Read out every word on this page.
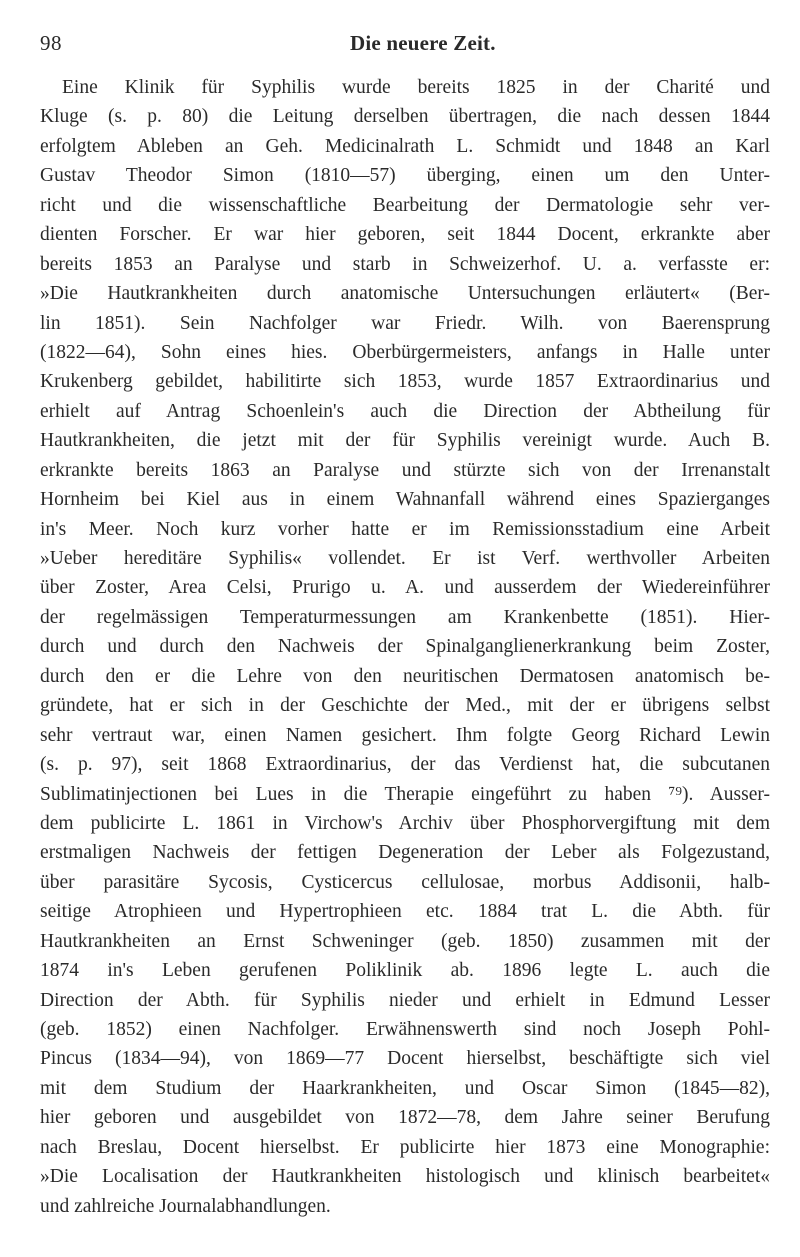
98	Die neuere Zeit.
Eine Klinik für Syphilis wurde bereits 1825 in der Charité und
Kluge (s. p. 80) die Leitung derselben übertragen, die nach dessen 1844
erfolgtem Ableben an Geh. Medicinalrath L. Schmidt und 1848 an Karl
Gustav Theodor Simon (1810—57) überging, einen um den Unter-
richt und die wissenschaftliche Bearbeitung der Dermatologie sehr ver-
dienten Forscher. Er war hier geboren, seit 1844 Docent, erkrankte aber
bereits 1853 an Paralyse und starb in Schweizerhof. U. a. verfasste er:
»Die Hautkrankheiten durch anatomische Untersuchungen erläutert« (Ber-
lin 1851). Sein Nachfolger war Friedr. Wilh. von Baerensprung
(1822—64), Sohn eines hies. Oberbürgermeisters, anfangs in Halle unter
Krukenberg gebildet, habilitirte sich 1853, wurde 1857 Extraordinarius und
erhielt auf Antrag Schoenlein's auch die Direction der Abtheilung für
Hautkrankheiten, die jetzt mit der für Syphilis vereinigt wurde. Auch B.
erkrankte bereits 1863 an Paralyse und stürzte sich von der Irrenanstalt
Hornheim bei Kiel aus in einem Wahnanfall während eines Spazierganges
in's Meer. Noch kurz vorher hatte er im Remissionsstadium eine Arbeit
»Ueber hereditäre Syphilis« vollendet. Er ist Verf. werthvoller Arbeiten
über Zoster, Area Celsi, Prurigo u. A. und ausserdem der Wiedereinführer
der regelmässigen Temperaturmessungen am Krankenbette (1851). Hier-
durch und durch den Nachweis der Spinalganglienerkrankung beim Zoster,
durch den er die Lehre von den neuritischen Dermatosen anatomisch be-
gründete, hat er sich in der Geschichte der Med., mit der er übrigens selbst
sehr vertraut war, einen Namen gesichert. Ihm folgte Georg Richard Lewin
(s. p. 97), seit 1868 Extraordinarius, der das Verdienst hat, die subcutanen
Sublimatinjectionen bei Lues in die Therapie eingeführt zu haben ⁷⁹). Ausser-
dem publicirte L. 1861 in Virchow's Archiv über Phosphorvergiftung mit dem
erstmaligen Nachweis der fettigen Degeneration der Leber als Folgezustand,
über parasitäre Sycosis, Cysticercus cellulosae, morbus Addisonii, halb-
seitige Atrophieen und Hypertrophieen etc. 1884 trat L. die Abth. für
Hautkrankheiten an Ernst Schweninger (geb. 1850) zusammen mit der
1874 in's Leben gerufenen Poliklinik ab. 1896 legte L. auch die
Direction der Abth. für Syphilis nieder und erhielt in Edmund Lesser
(geb. 1852) einen Nachfolger. Erwähnenswerth sind noch Joseph Pohl-
Pincus (1834—94), von 1869—77 Docent hierselbst, beschäftigte sich viel
mit dem Studium der Haarkrankheiten, und Oscar Simon (1845—82),
hier geboren und ausgebildet von 1872—78, dem Jahre seiner Berufung
nach Breslau, Docent hierselbst. Er publicirte hier 1873 eine Monographie:
»Die Localisation der Hautkrankheiten histologisch und klinisch bearbeitet«
und zahlreiche Journalabhandlungen.
